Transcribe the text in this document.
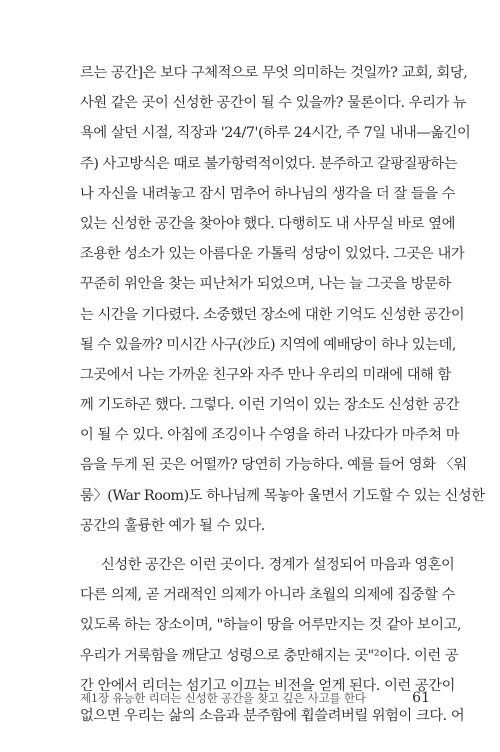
르는 공간]은 보다 구체적으로 무엇 의미하는 것일까? 교회, 회당,
사원 같은 곳이 신성한 공간이 될 수 있을까? 물론이다. 우리가 뉴
욕에 살던 시절, 직장과 '24/7'(하루 24시간, 주 7일 내내—옮긴이
주) 사고방식은 때로 불가항력적이었다. 분주하고 갈팡질팡하는
나 자신을 내려놓고 잠시 멈추어 하나님의 생각을 더 잘 들을 수
있는 신성한 공간을 찾아야 했다. 다행히도 내 사무실 바로 옆에
조용한 성소가 있는 아름다운 가톨릭 성당이 있었다. 그곳은 내가
꾸준히 위안을 찾는 피난처가 되었으며, 나는 늘 그곳을 방문하
는 시간을 기다렸다. 소중했던 장소에 대한 기억도 신성한 공간이
될 수 있을까? 미시간 사구(沙丘) 지역에 예배당이 하나 있는데,
그곳에서 나는 가까운 친구와 자주 만나 우리의 미래에 대해 함
께 기도하곤 했다. 그렇다. 이런 기억이 있는 장소도 신성한 공간
이 될 수 있다. 아침에 조깅이나 수영을 하러 나갔다가 마주쳐 마
음을 두게 된 곳은 어떨까? 당연히 가능하다. 예를 들어 영화 〈워
룸〉(War Room)도 하나님께 목놓아 울면서 기도할 수 있는 신성한
공간의 훌륭한 예가 될 수 있다.
신성한 공간은 이런 곳이다. 경계가 설정되어 마음과 영혼이
다른 의제, 곧 거래적인 의제가 아니라 초월의 의제에 집중할 수
있도록 하는 장소이며, "하늘이 땅을 어루만지는 것 같아 보이고,
우리가 거룩함을 깨닫고 성령으로 충만해지는 곳"²이다. 이런 공
간 안에서 리더는 섬기고 이끄는 비전을 얻게 된다. 이런 공간이
없으면 우리는 삶의 소음과 분주함에 휩쓸려버릴 위험이 크다. 어
제1장 유능한 리더는 신성한 공간을 찾고 깊은 사고를 한다	61
